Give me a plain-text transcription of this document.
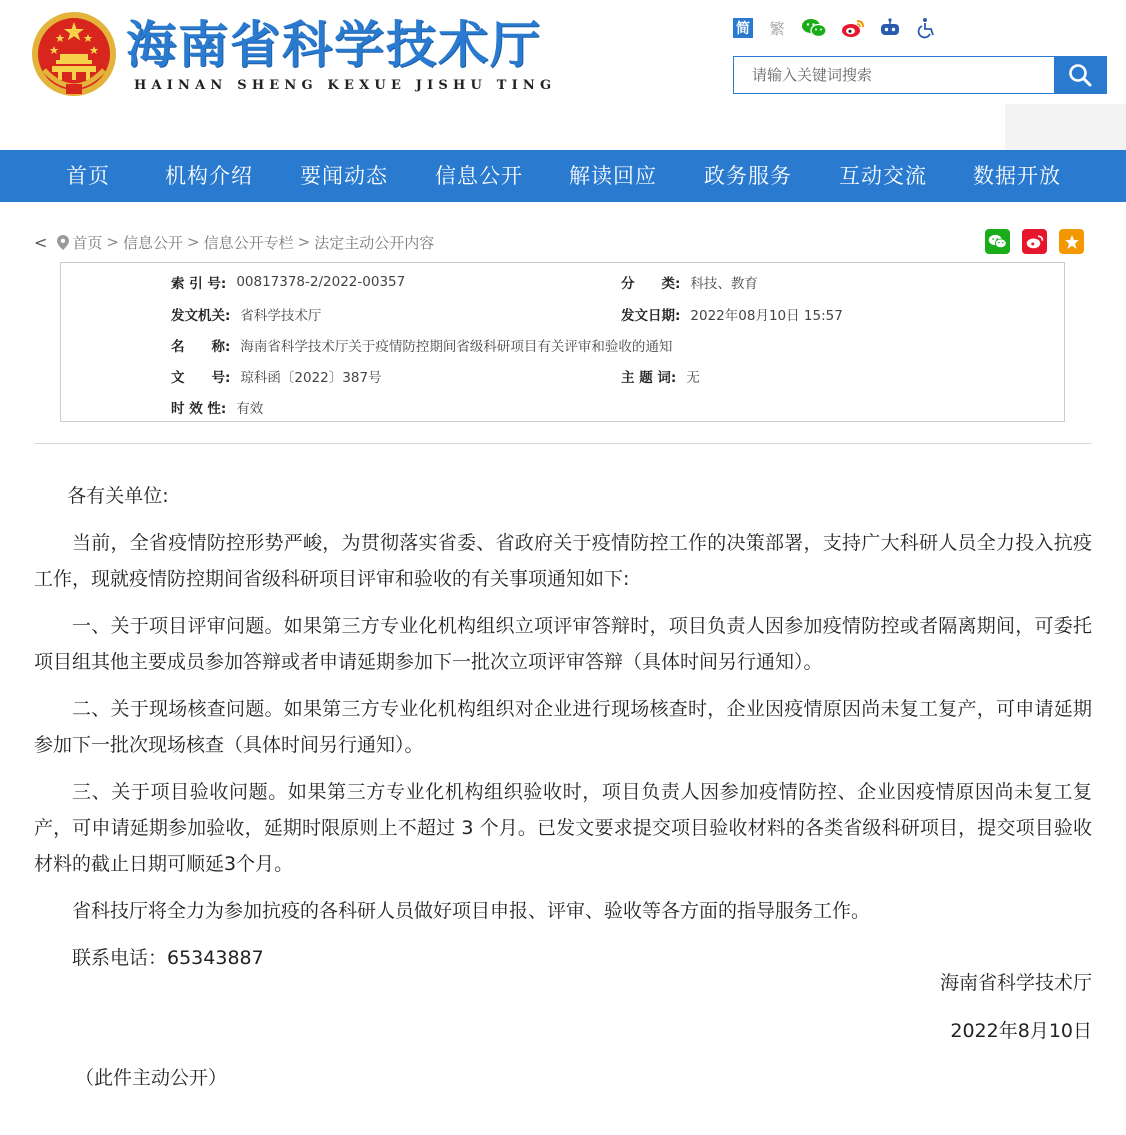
海南省科学技术厅
HAINAN SHENG KEXUE JISHU TING
简 繁
请输入关键词搜索
首页	机构介绍 要闻动态 信息公开 解读回应 政务服务 互动交流 数据开放
< 首页 > 信息公开 > 信息公开专栏 > 法定主动公开内容
索 引 号: 00817378-2/2022-00357	分　　类: 科技、教育
发文机关: 省科学技术厅	发文日期: 2022年08月10日 15:57
名　　称: 海南省科学技术厅关于疫情防控期间省级科研项目有关评审和验收的通知
文　　号: 琼科函〔2022〕387号	主 题 词: 无
时 效 性: 有效

各有关单位:

当前，全省疫情防控形势严峻，为贯彻落实省委、省政府关于疫情防控工作的决策部署，支持广大科研人员全力投入抗疫工作，现就疫情防控期间省级科研项目评审和验收的有关事项通知如下:

一、关于项目评审问题。如果第三方专业化机构组织立项评审答辩时，项目负责人因参加疫情防控或者隔离期间，可委托项目组其他主要成员参加答辩或者申请延期参加下一批次立项评审答辩（具体时间另行通知）。

二、关于现场核查问题。如果第三方专业化机构组织对企业进行现场核查时，企业因疫情原因尚未复工复产，可申请延期参加下一批次现场核查（具体时间另行通知）。

三、关于项目验收问题。如果第三方专业化机构组织验收时，项目负责人因参加疫情防控、企业因疫情原因尚未复工复产，可申请延期参加验收，延期时限原则上不超过 3 个月。已发文要求提交项目验收材料的各类省级科研项目，提交项目验收材料的截止日期可顺延3个月。

省科技厅将全力为参加抗疫的各科研人员做好项目申报、评审、验收等各方面的指导服务工作。

联系电话：65343887

海南省科学技术厅
2022年8月10日
（此件主动公开）
